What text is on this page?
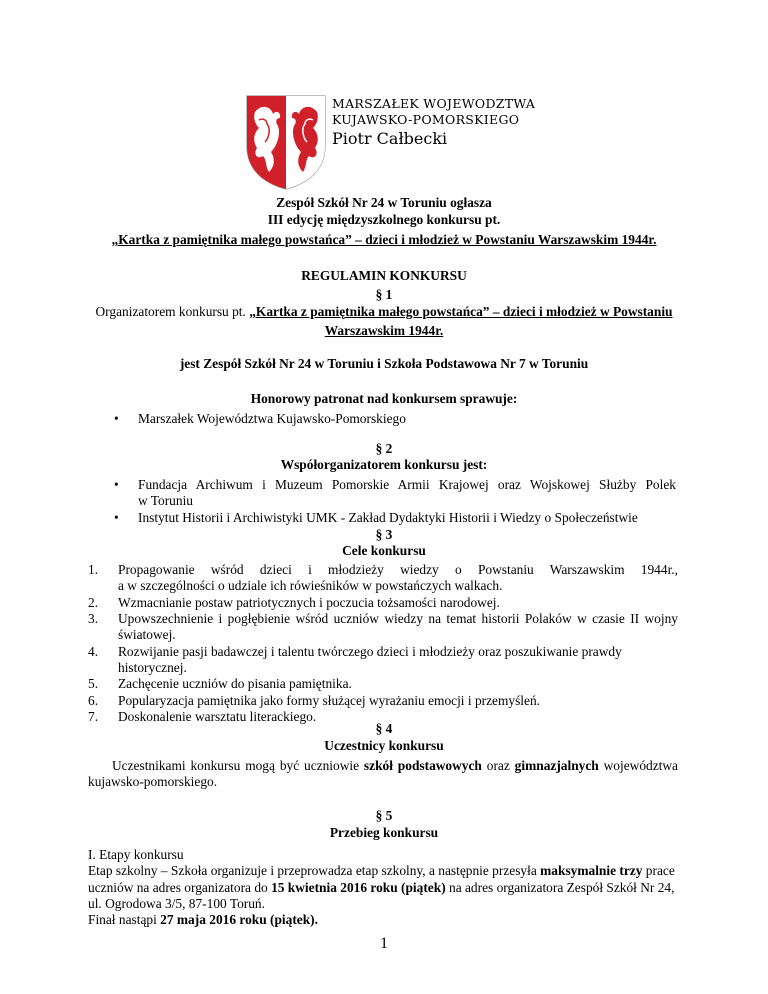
MARSZAŁEK WOJEWODZTWA
KUJAWSKO-POMORSKIEGO
Piotr Całbecki
Zespół Szkół Nr 24 w Toruniu ogłasza
III edycję międzyszkolnego konkursu pt.
„Kartka z pamiętnika małego powstańca” – dzieci i młodzież w Powstaniu Warszawskim 1944r.
REGULAMIN KONKURSU
§ 1
Organizatorem konkursu pt. „Kartka z pamiętnika małego powstańca” – dzieci i młodzież w Powstaniu
Warszawskim 1944r.
jest Zespół Szkół Nr 24 w Toruniu i Szkoła Podstawowa Nr 7 w Toruniu
Honorowy patronat nad konkursem sprawuje:
• Marszałek Województwa Kujawsko-Pomorskiego
§ 2
Współorganizatorem konkursu jest:
• Fundacja Archiwum i Muzeum Pomorskie Armii Krajowej oraz Wojskowej Służby Polek
w Toruniu
• Instytut Historii i Archiwistyki UMK - Zakład Dydaktyki Historii i Wiedzy o Społeczeństwie
§ 3
Cele konkursu
1. Propagowanie wśród dzieci i młodzieży wiedzy o Powstaniu Warszawskim 1944r.,
a w szczególności o udziale ich rówieśników w powstańczych walkach.
2. Wzmacnianie postaw patriotycznych i poczucia tożsamości narodowej.
3. Upowszechnienie i pogłębienie wśród uczniów wiedzy na temat historii Polaków w czasie II wojny
światowej.
4. Rozwijanie pasji badawczej i talentu twórczego dzieci i młodzieży oraz poszukiwanie prawdy historycznej.
5. Zachęcenie uczniów do pisania pamiętnika.
6. Popularyzacja pamiętnika jako formy służącej wyrażaniu emocji i przemyśleń.
7. Doskonalenie warsztatu literackiego.
§ 4
Uczestnicy konkursu
Uczestnikami konkursu mogą być uczniowie szkół podstawowych oraz gimnazjalnych województwa
kujawsko-pomorskiego.
§ 5
Przebieg konkursu
I. Etapy konkursu
Etap szkolny – Szkoła organizuje i przeprowadza etap szkolny, a następnie przesyła maksymalnie trzy prace
uczniów na adres organizatora do 15 kwietnia 2016 roku (piątek) na adres organizatora Zespół Szkół Nr 24,
ul. Ogrodowa 3/5, 87-100 Toruń.
Finał nastąpi 27 maja 2016 roku (piątek).
1
